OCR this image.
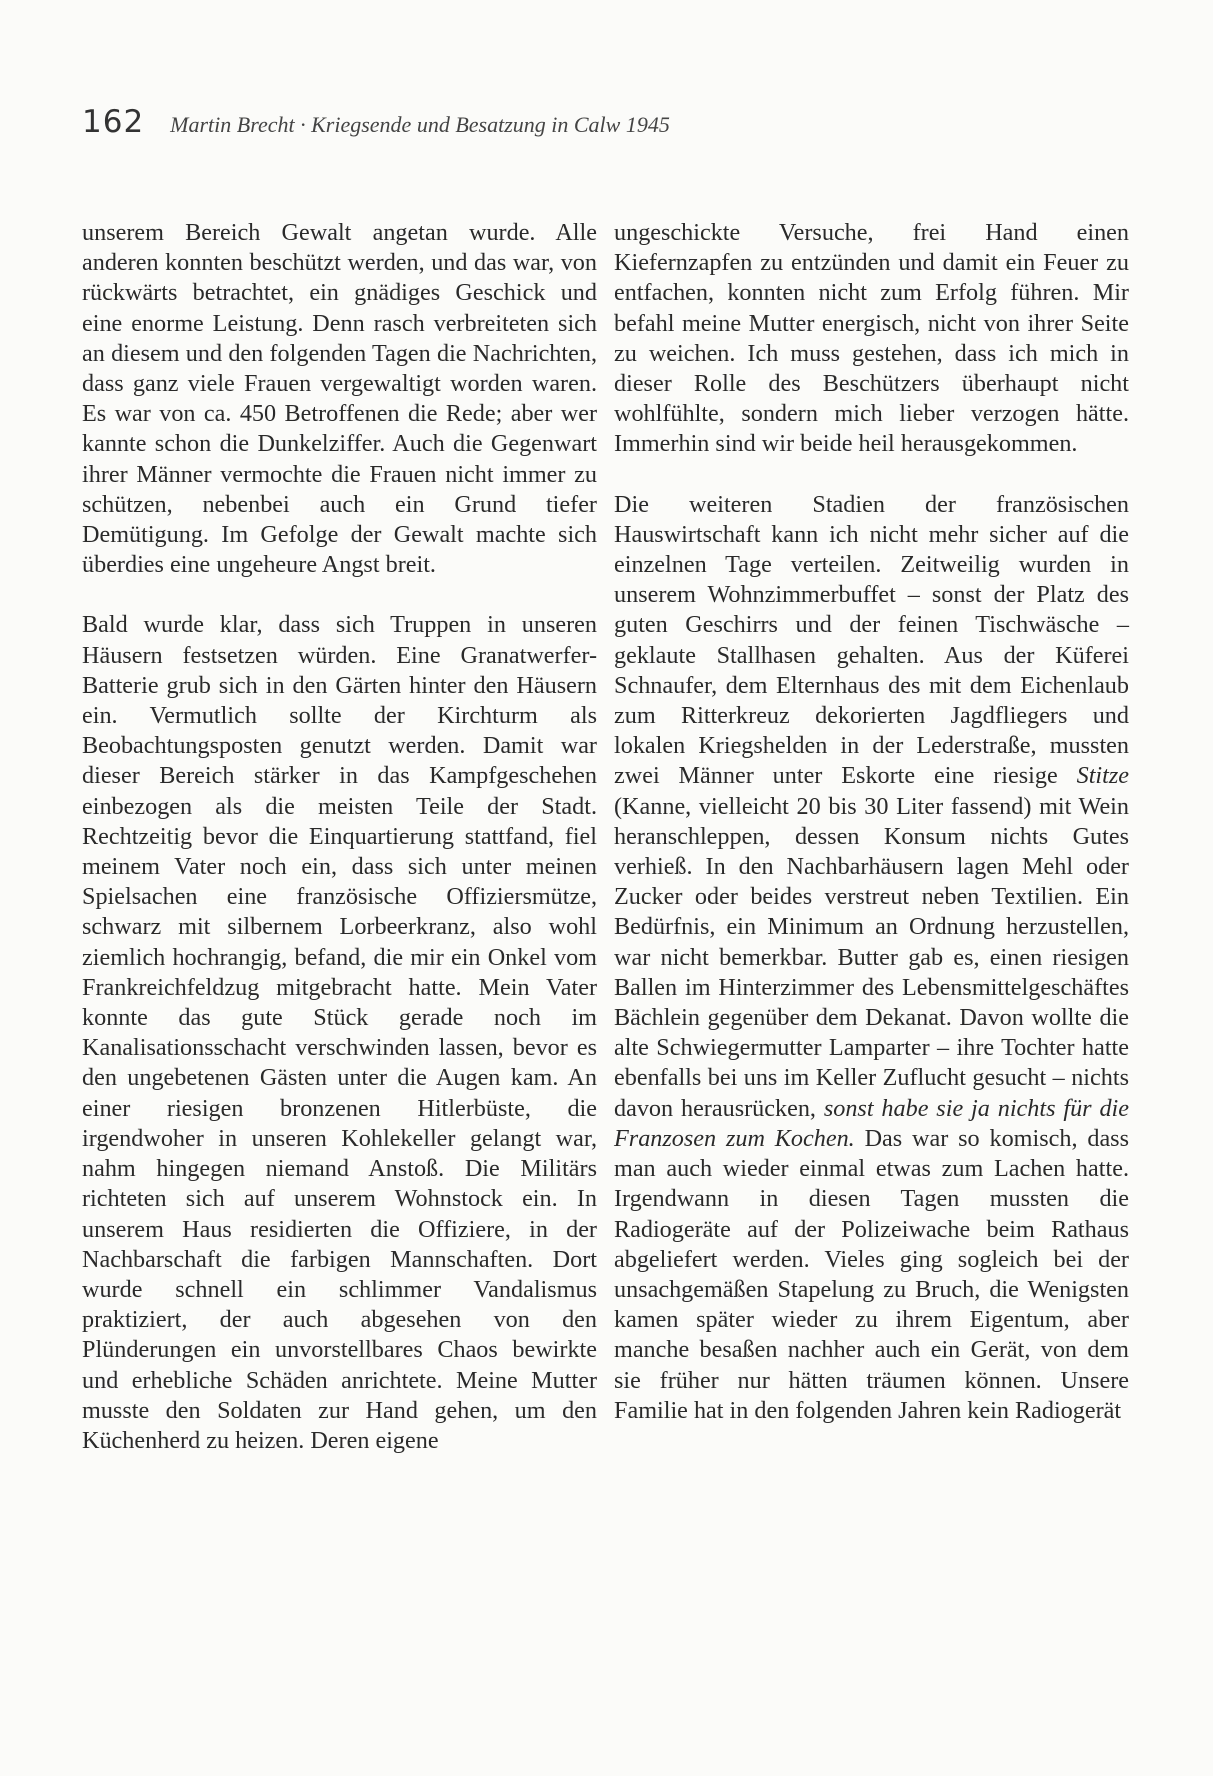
162 Martin Brecht · Kriegsende und Besatzung in Calw 1945

unserem Bereich Gewalt angetan wurde. Alle anderen konnten beschützt werden, und das war, von rückwärts betrachtet, ein gnädiges Geschick und eine enorme Leistung. Denn rasch verbreiteten sich an diesem und den folgenden Tagen die Nachrichten, dass ganz viele Frauen vergewaltigt worden waren. Es war von ca. 450 Betroffenen die Rede; aber wer kannte schon die Dunkelziffer. Auch die Gegenwart ihrer Männer vermochte die Frauen nicht immer zu schützen, nebenbei auch ein Grund tiefer Demütigung. Im Gefolge der Gewalt machte sich überdies eine ungeheure Angst breit.

Bald wurde klar, dass sich Truppen in unseren Häusern festsetzen würden. Eine Granatwerfer-Batterie grub sich in den Gärten hinter den Häusern ein. Vermutlich sollte der Kirchturm als Beobachtungsposten genutzt werden. Damit war dieser Bereich stärker in das Kampfgeschehen einbezogen als die meisten Teile der Stadt. Rechtzeitig bevor die Einquartierung stattfand, fiel meinem Vater noch ein, dass sich unter meinen Spielsachen eine französische Offiziersmütze, schwarz mit silbernem Lorbeerkranz, also wohl ziemlich hochrangig, befand, die mir ein Onkel vom Frankreichfeldzug mitgebracht hatte. Mein Vater konnte das gute Stück gerade noch im Kanalisationsschacht verschwinden lassen, bevor es den ungebetenen Gästen unter die Augen kam. An einer riesigen bronzenen Hitlerbüste, die irgendwoher in unseren Kohlekeller gelangt war, nahm hingegen niemand Anstoß. Die Militärs richteten sich auf unserem Wohnstock ein. In unserem Haus residierten die Offiziere, in der Nachbarschaft die farbigen Mannschaften. Dort wurde schnell ein schlimmer Vandalismus praktiziert, der auch abgesehen von den Plünderungen ein unvorstellbares Chaos bewirkte und erhebliche Schäden anrichtete. Meine Mutter musste den Soldaten zur Hand gehen, um den Küchenherd zu heizen. Deren eigene

ungeschickte Versuche, frei Hand einen Kiefernzapfen zu entzünden und damit ein Feuer zu entfachen, konnten nicht zum Erfolg führen. Mir befahl meine Mutter energisch, nicht von ihrer Seite zu weichen. Ich muss gestehen, dass ich mich in dieser Rolle des Beschützers überhaupt nicht wohlfühlte, sondern mich lieber verzogen hätte. Immerhin sind wir beide heil herausgekommen.

Die weiteren Stadien der französischen Hauswirtschaft kann ich nicht mehr sicher auf die einzelnen Tage verteilen. Zeitweilig wurden in unserem Wohnzimmerbuffet – sonst der Platz des guten Geschirrs und der feinen Tischwäsche – geklaute Stallhasen gehalten. Aus der Küferei Schnaufer, dem Elternhaus des mit dem Eichenlaub zum Ritterkreuz dekorierten Jagdfliegers und lokalen Kriegshelden in der Lederstraße, mussten zwei Männer unter Eskorte eine riesige Stitze (Kanne, vielleicht 20 bis 30 Liter fassend) mit Wein heranschleppen, dessen Konsum nichts Gutes verhieß. In den Nachbarhäusern lagen Mehl oder Zucker oder beides verstreut neben Textilien. Ein Bedürfnis, ein Minimum an Ordnung herzustellen, war nicht bemerkbar. Butter gab es, einen riesigen Ballen im Hinterzimmer des Lebensmittelgeschäftes Bächlein gegenüber dem Dekanat. Davon wollte die alte Schwiegermutter Lamparter – ihre Tochter hatte ebenfalls bei uns im Keller Zuflucht gesucht – nichts davon herausrücken, sonst habe sie ja nichts für die Franzosen zum Kochen. Das war so komisch, dass man auch wieder einmal etwas zum Lachen hatte. Irgendwann in diesen Tagen mussten die Radiogeräte auf der Polizeiwache beim Rathaus abgeliefert werden. Vieles ging sogleich bei der unsachgemäßen Stapelung zu Bruch, die Wenigsten kamen später wieder zu ihrem Eigentum, aber manche besaßen nachher auch ein Gerät, von dem sie früher nur hätten träumen können. Unsere Familie hat in den folgenden Jahren kein Radiogerät
